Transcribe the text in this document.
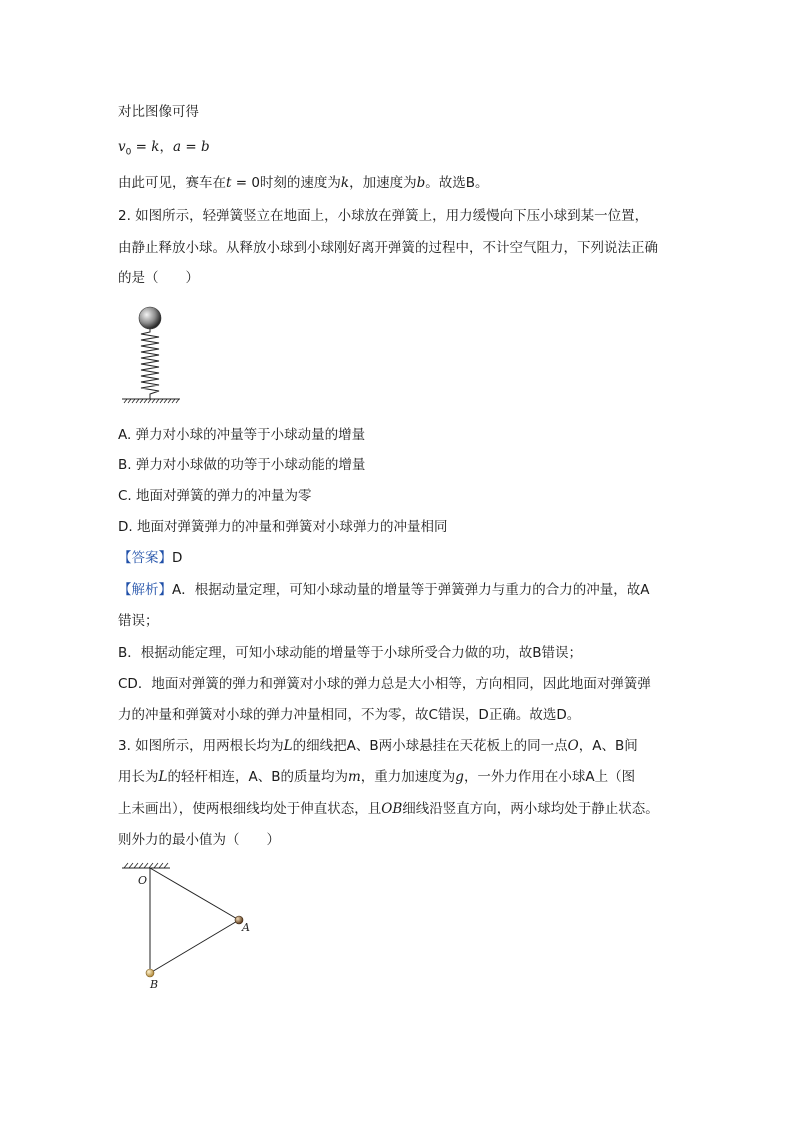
对比图像可得
$v_0 = k$，a = b
由此可见，赛车在t = 0时刻的速度为k，加速度为b。故选B。
2. 如图所示，轻弹簧竖立在地面上，小球放在弹簧上，用力缓慢向下压小球到某一位置，
由静止释放小球。从释放小球到小球刚好离开弹簧的过程中，不计空气阻力，下列说法正确
的是（　　）
A. 弹力对小球的冲量等于小球动量的增量
B. 弹力对小球做的功等于小球动能的增量
C. 地面对弹簧的弹力的冲量为零
D. 地面对弹簧弹力的冲量和弹簧对小球弹力的冲量相同
【答案】D
【解析】A．根据动量定理，可知小球动量的增量等于弹簧弹力与重力的合力的冲量，故A
错误；
B．根据动能定理，可知小球动能的增量等于小球所受合力做的功，故B错误；
CD．地面对弹簧的弹力和弹簧对小球的弹力总是大小相等，方向相同，因此地面对弹簧弹
力的冲量和弹簧对小球的弹力冲量相同，不为零，故C错误，D正确。故选D。
3. 如图所示，用两根长均为L的细线把A、B两小球悬挂在天花板上的同一点O，A、B间
用长为L的轻杆相连，A、B的质量均为m，重力加速度为g，一外力作用在小球A上（图
上未画出），使两根细线均处于伸直状态，且OB细线沿竖直方向，两小球均处于静止状态。
则外力的最小值为（　　）
O
A
B
